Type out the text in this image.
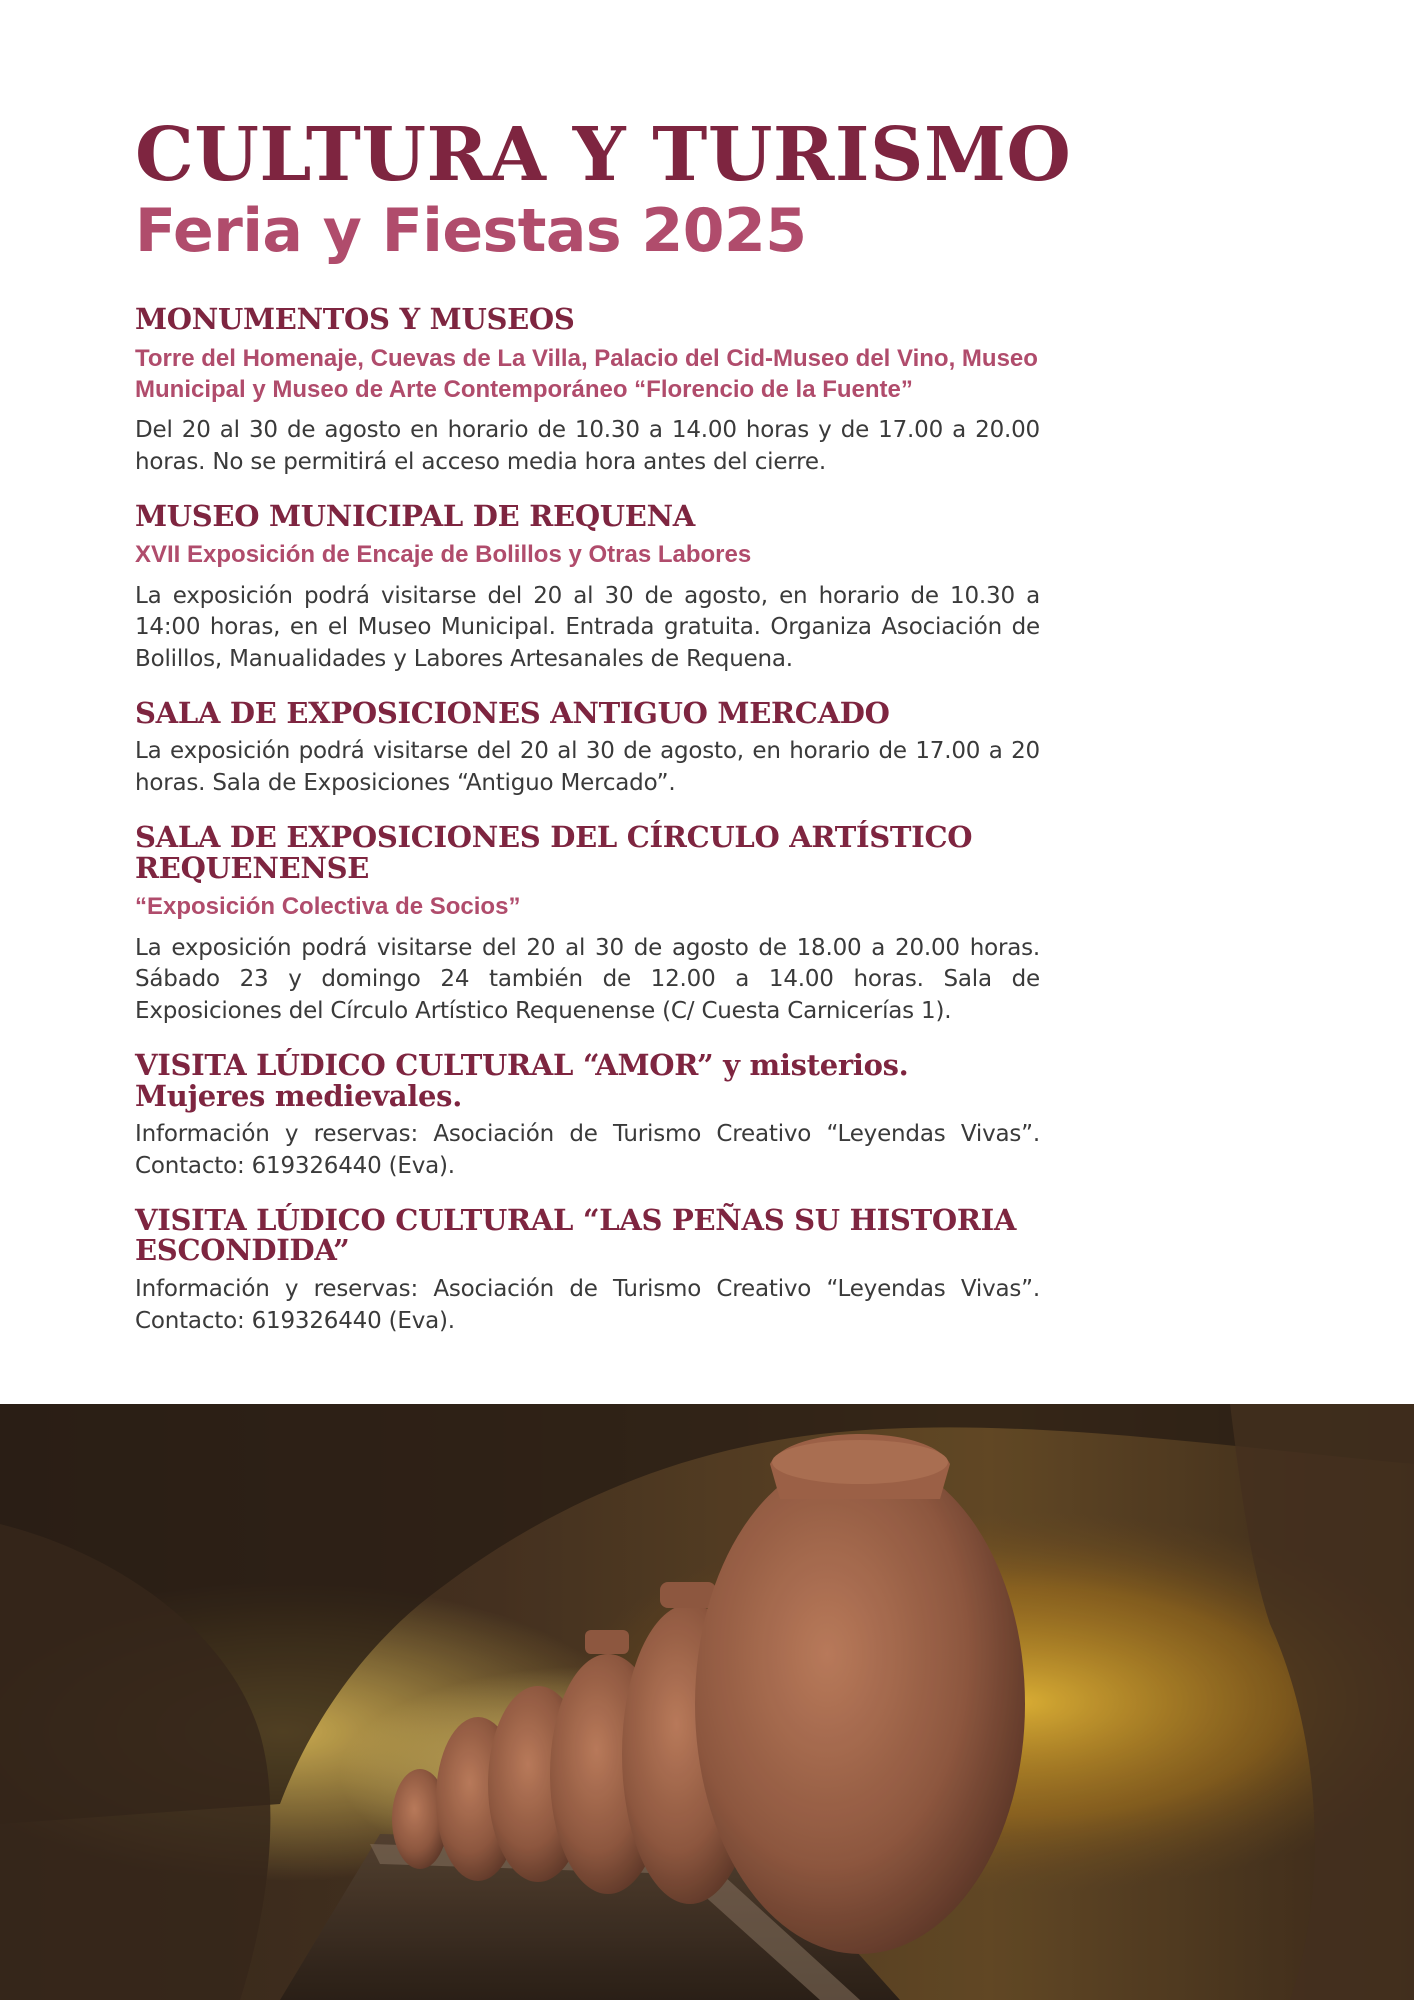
CULTURA Y TURISMO
Feria y Fiestas 2025
MONUMENTOS Y MUSEOS

Torre del Homenaje, Cuevas de La Villa, Palacio del Cid-Museo del Vino, Museo Municipal y Museo de Arte Contemporáneo “Florencio de la Fuente”

Del 20 al 30 de agosto en horario de 10.30 a 14.00 horas y de 17.00 a 20.00 horas. No se permitirá el acceso media hora antes del cierre.

MUSEO MUNICIPAL DE REQUENA

XVII Exposición de Encaje de Bolillos y Otras Labores

La exposición podrá visitarse del 20 al 30 de agosto, en horario de 10.30 a 14:00 horas, en el Museo Municipal. Entrada gratuita. Organiza Asociación de Bolillos, Manualidades y Labores Artesanales de Requena.

SALA DE EXPOSICIONES ANTIGUO MERCADO

La exposición podrá visitarse del 20 al 30 de agosto, en horario de 17.00 a 20 horas. Sala de Exposiciones “Antiguo Mercado”.

SALA DE EXPOSICIONES DEL CÍRCULO ARTÍSTICO REQUENENSE

“Exposición Colectiva de Socios”

La exposición podrá visitarse del 20 al 30 de agosto de 18.00 a 20.00 horas. Sábado 23 y domingo 24 también de 12.00 a 14.00 horas. Sala de Exposiciones del Círculo Artístico Requenense (C/ Cuesta Carnicerías 1).

VISITA LÚDICO CULTURAL “AMOR” y misterios. Mujeres medievales.

Información y reservas: Asociación de Turismo Creativo “Leyendas Vivas”. Contacto: 619326440 (Eva).

VISITA LÚDICO CULTURAL “LAS PEÑAS SU HISTORIA ESCONDIDA”

Información y reservas: Asociación de Turismo Creativo “Leyendas Vivas”. Contacto: 619326440 (Eva).
